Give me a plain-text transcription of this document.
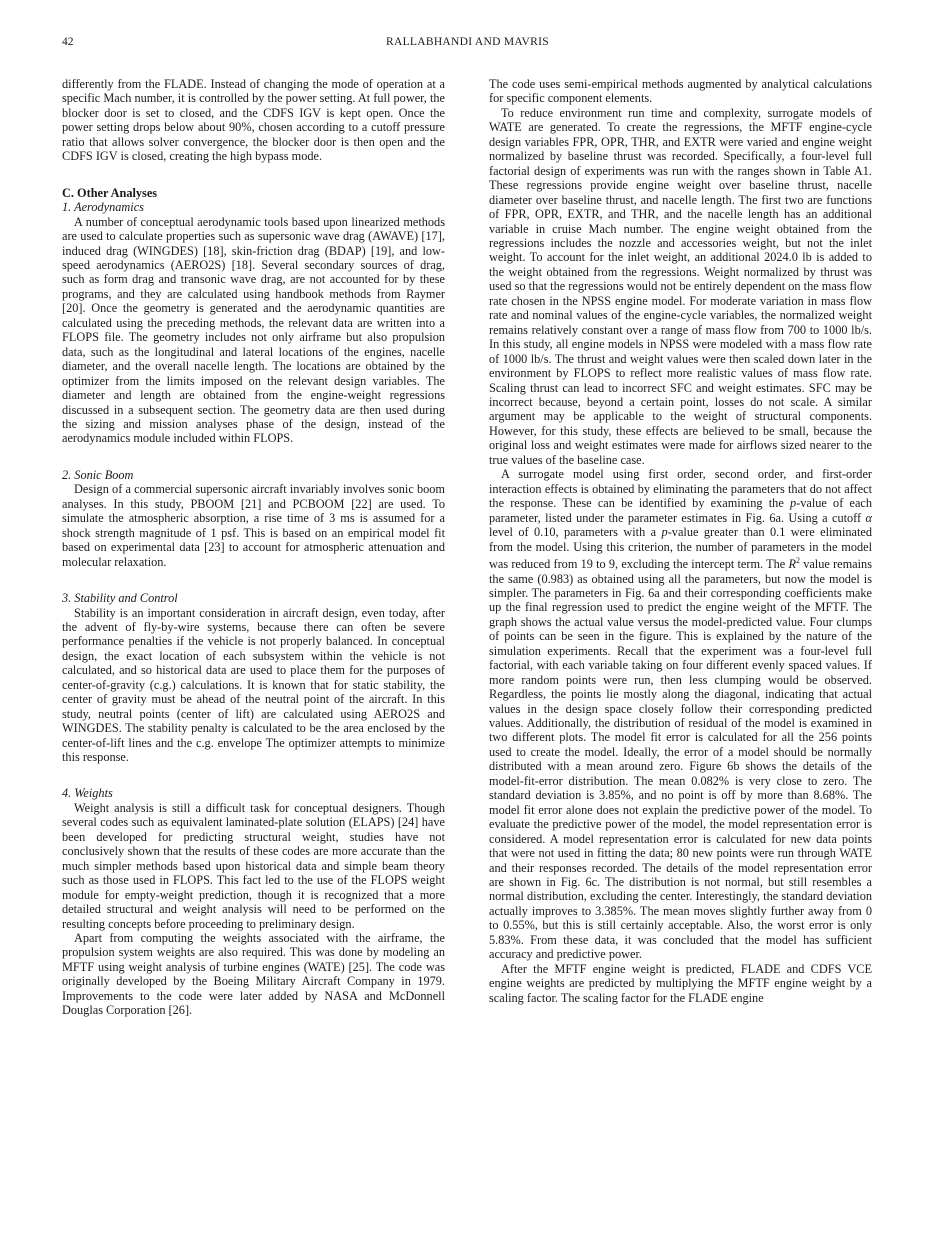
42	RALLABHANDI AND MAVRIS

differently from the FLADE. Instead of changing the mode of operation at a specific Mach number, it is controlled by the power setting. At full power, the blocker door is set to closed, and the CDFS IGV is kept open. Once the power setting drops below about 90%, chosen according to a cutoff pressure ratio that allows solver convergence, the blocker door is then open and the CDFS IGV is closed, creating the high bypass mode.

C. Other Analyses

1. Aerodynamics

A number of conceptual aerodynamic tools based upon linearized methods are used to calculate properties such as supersonic wave drag (AWAVE) [17], induced drag (WINGDES) [18], skin-friction drag (BDAP) [19], and low-speed aerodynamics (AERO2S) [18]. Several secondary sources of drag, such as form drag and transonic wave drag, are not accounted for by these programs, and they are calculated using handbook methods from Raymer [20]. Once the geometry is generated and the aerodynamic quantities are calculated using the preceding methods, the relevant data are written into a FLOPS file. The geometry includes not only airframe but also propulsion data, such as the longitudinal and lateral locations of the engines, nacelle diameter, and the overall nacelle length. The locations are obtained by the optimizer from the limits imposed on the relevant design variables. The diameter and length are obtained from the engine-weight regressions discussed in a subsequent section. The geometry data are then used during the sizing and mission analyses phase of the design, instead of the aerodynamics module included within FLOPS.

2. Sonic Boom

Design of a commercial supersonic aircraft invariably involves sonic boom analyses. In this study, PBOOM [21] and PCBOOM [22] are used. To simulate the atmospheric absorption, a rise time of 3 ms is assumed for a shock strength magnitude of 1 psf. This is based on an empirical model fit based on experimental data [23] to account for atmospheric attenuation and molecular relaxation.

3. Stability and Control

Stability is an important consideration in aircraft design, even today, after the advent of fly-by-wire systems, because there can often be severe performance penalties if the vehicle is not properly balanced. In conceptual design, the exact location of each subsystem within the vehicle is not calculated, and so historical data are used to place them for the purposes of center-of-gravity (c.g.) calculations. It is known that for static stability, the center of gravity must be ahead of the neutral point of the aircraft. In this study, neutral points (center of lift) are calculated using AERO2S and WINGDES. The stability penalty is calculated to be the area enclosed by the center-of-lift lines and the c.g. envelope The optimizer attempts to minimize this response.

4. Weights

Weight analysis is still a difficult task for conceptual designers. Though several codes such as equivalent laminated-plate solution (ELAPS) [24] have been developed for predicting structural weight, studies have not conclusively shown that the results of these codes are more accurate than the much simpler methods based upon historical data and simple beam theory such as those used in FLOPS. This fact led to the use of the FLOPS weight module for empty-weight prediction, though it is recognized that a more detailed structural and weight analysis will need to be performed on the resulting concepts before proceeding to preliminary design.

Apart from computing the weights associated with the airframe, the propulsion system weights are also required. This was done by modeling an MFTF using weight analysis of turbine engines (WATE) [25]. The code was originally developed by the Boeing Military Aircraft Company in 1979. Improvements to the code were later added by NASA and McDonnell Douglas Corporation [26].

The code uses semi-empirical methods augmented by analytical calculations for specific component elements.

To reduce environment run time and complexity, surrogate models of WATE are generated. To create the regressions, the MFTF engine-cycle design variables FPR, OPR, THR, and EXTR were varied and engine weight normalized by baseline thrust was recorded. Specifically, a four-level full factorial design of experiments was run with the ranges shown in Table A1. These regressions provide engine weight over baseline thrust, nacelle diameter over baseline thrust, and nacelle length. The first two are functions of FPR, OPR, EXTR, and THR, and the nacelle length has an additional variable in cruise Mach number. The engine weight obtained from the regressions includes the nozzle and accessories weight, but not the inlet weight. To account for the inlet weight, an additional 2024.0 lb is added to the weight obtained from the regressions. Weight normalized by thrust was used so that the regressions would not be entirely dependent on the mass flow rate chosen in the NPSS engine model. For moderate variation in mass flow rate and nominal values of the engine-cycle variables, the normalized weight remains relatively constant over a range of mass flow from 700 to 1000 lb/s. In this study, all engine models in NPSS were modeled with a mass flow rate of 1000 lb/s. The thrust and weight values were then scaled down later in the environment by FLOPS to reflect more realistic values of mass flow rate. Scaling thrust can lead to incorrect SFC and weight estimates. SFC may be incorrect because, beyond a certain point, losses do not scale. A similar argument may be applicable to the weight of structural components. However, for this study, these effects are believed to be small, because the original loss and weight estimates were made for airflows sized nearer to the true values of the baseline case.

A surrogate model using first order, second order, and first-order interaction effects is obtained by eliminating the parameters that do not affect the response. These can be identified by examining the p-value of each parameter, listed under the parameter estimates in Fig. 6a. Using a cutoff α level of 0.10, parameters with a p-value greater than 0.1 were eliminated from the model. Using this criterion, the number of parameters in the model was reduced from 19 to 9, excluding the intercept term. The $R^2$ value remains the same (0.983) as obtained using all the parameters, but now the model is simpler. The parameters in Fig. 6a and their corresponding coefficients make up the final regression used to predict the engine weight of the MFTF. The graph shows the actual value versus the model-predicted value. Four clumps of points can be seen in the figure. This is explained by the nature of the simulation experiments. Recall that the experiment was a four-level full factorial, with each variable taking on four different evenly spaced values. If more random points were run, then less clumping would be observed. Regardless, the points lie mostly along the diagonal, indicating that actual values in the design space closely follow their corresponding predicted values. Additionally, the distribution of residual of the model is examined in two different plots. The model fit error is calculated for all the 256 points used to create the model. Ideally, the error of a model should be normally distributed with a mean around zero. Figure 6b shows the details of the model-fit-error distribution. The mean 0.082% is very close to zero. The standard deviation is 3.85%, and no point is off by more than 8.68%. The model fit error alone does not explain the predictive power of the model. To evaluate the predictive power of the model, the model representation error is considered. A model representation error is calculated for new data points that were not used in fitting the data; 80 new points were run through WATE and their responses recorded. The details of the model representation error are shown in Fig. 6c. The distribution is not normal, but still resembles a normal distribution, excluding the center. Interestingly, the standard deviation actually improves to 3.385%. The mean moves slightly further away from 0 to 0.55%, but this is still certainly acceptable. Also, the worst error is only 5.83%. From these data, it was concluded that the model has sufficient accuracy and predictive power.

After the MFTF engine weight is predicted, FLADE and CDFS VCE engine weights are predicted by multiplying the MFTF engine weight by a scaling factor. The scaling factor for the FLADE engine
